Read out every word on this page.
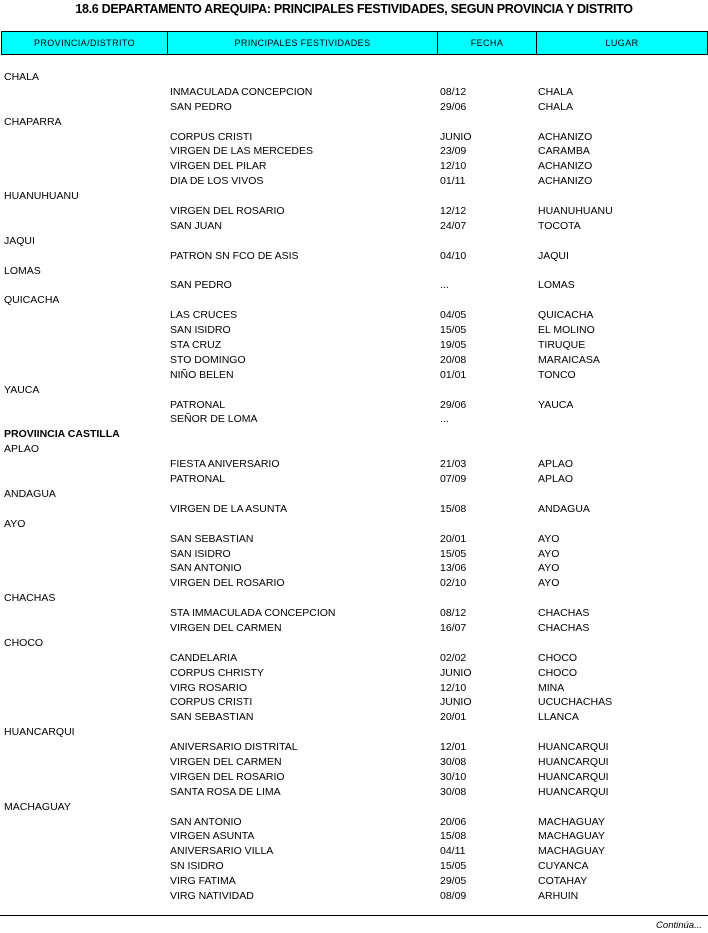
18.6 DEPARTAMENTO AREQUIPA: PRINCIPALES FESTIVIDADES, SEGUN PROVINCIA Y DISTRITO
PROVINCIA/DISTRITO	PRINCIPALES FESTIVIDADES	FECHA	LUGAR
CHALA
INMACULADA CONCEPCION	08/12	CHALA
SAN PEDRO	29/06	CHALA
CHAPARRA
CORPUS CRISTI	JUNIO	ACHANIZO
VIRGEN DE LAS MERCEDES	23/09	CARAMBA
VIRGEN DEL PILAR	12/10	ACHANIZO
DIA DE LOS VIVOS	01/11	ACHANIZO
HUANUHUANU
VIRGEN DEL ROSARIO	12/12	HUANUHUANU
SAN JUAN	24/07	TOCOTA
JAQUI
PATRON SN FCO DE ASIS	04/10	JAQUI
LOMAS
SAN PEDRO	...	LOMAS
QUICACHA
LAS CRUCES	04/05	QUICACHA
SAN ISIDRO	15/05	EL MOLINO
STA CRUZ	19/05	TIRUQUE
STO DOMINGO	20/08	MARAICASA
NIÑO BELEN	01/01	TONCO
YAUCA
PATRONAL	29/06	YAUCA
SEÑOR DE LOMA	...
PROVIINCIA CASTILLA
APLAO
FIESTA ANIVERSARIO	21/03	APLAO
PATRONAL	07/09	APLAO
ANDAGUA
VIRGEN DE LA ASUNTA	15/08	ANDAGUA
AYO
SAN SEBASTIAN	20/01	AYO
SAN ISIDRO	15/05	AYO
SAN ANTONIO	13/06	AYO
VIRGEN DEL ROSARIO	02/10	AYO
CHACHAS
STA IMMACULADA CONCEPCION	08/12	CHACHAS
VIRGEN DEL CARMEN	16/07	CHACHAS
CHOCO
CANDELARIA	02/02	CHOCO
CORPUS CHRISTY	JUNIO	CHOCO
VIRG ROSARIO	12/10	MINA
CORPUS CRISTI	JUNIO	UCUCHACHAS
SAN SEBASTIAN	20/01	LLANCA
HUANCARQUI
ANIVERSARIO DISTRITAL	12/01	HUANCARQUI
VIRGEN DEL CARMEN	30/08	HUANCARQUI
VIRGEN DEL ROSARIO	30/10	HUANCARQUI
SANTA ROSA DE LIMA	30/08	HUANCARQUI
MACHAGUAY
SAN ANTONIO	20/06	MACHAGUAY
VIRGEN ASUNTA	15/08	MACHAGUAY
ANIVERSARIO VILLA	04/11	MACHAGUAY
SN ISIDRO	15/05	CUYANCA
VIRG FATIMA	29/05	COTAHAY
VIRG NATIVIDAD	08/09	ARHUIN
Continúa...
